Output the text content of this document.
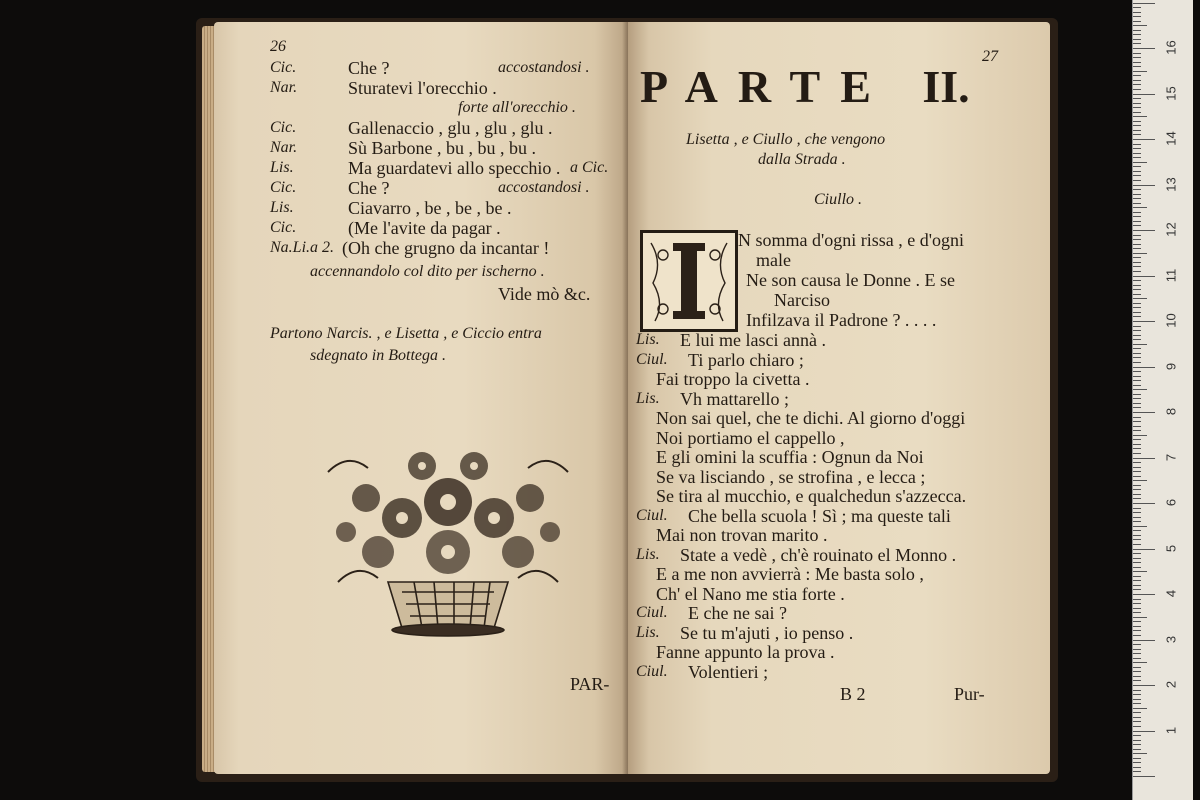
26
Cic.	Che ?	accostandosi .
Nar.	Sturatevi l'orecchio .
forte all'orecchio .
Cic.	Gallenaccio , glu , glu , glu .
Nar.	Sù Barbone , bu , bu , bu .
Lis.	Ma guardatevi allo specchio . a Cic.
Cic.	Che ?	accostandosi .
Lis.	Ciavarro , be , be , be .
Cic.	(Me l'avite da pagar .
Na.Li.a 2. (Oh che grugno da incantar !
accennandolo col dito per ischerno .
Vide mò &c.
Partono Narcis. , e Lisetta , e Ciccio entra
sdegnato in Bottega .
PAR-
27
PARTE II.
Lisetta , e Ciullo , che vengono
dalla Strada .
Ciullo .
N somma d'ogni rissa , e d'ogni
male
Ne son causa le Donne . E se
Narciso
Infilzava il Padrone ? . . . .
Lis. E lui me lasci annà .
Ciul. Ti parlo chiaro ;
Fai troppo la civetta .
Lis. Vh mattarello ;
Non sai quel, che te dichi. Al giorno d'oggi
Noi portiamo el cappello ,
E gli omini la scuffia : Ognun da Noi
Se va lisciando , se strofina , e lecca ;
Se tira al mucchio, e qualchedun s'azzecca.
Ciul. Che bella scuola ! Sì ; ma queste tali
Mai non trovan marito .
Lis. State a vedè , ch'è rouinato el Monno .
E a me non avvierrà : Me basta solo ,
Ch' el Nano me stia forte .
Ciul. E che ne sai ?
Lis. Se tu m'ajuti , io penso .
Fanne appunto la prova .
Ciul. Volentieri ;
B 2	Pur-
16
15
14
13
12
11
10
9
8
7
6
5
4
3
2
1
